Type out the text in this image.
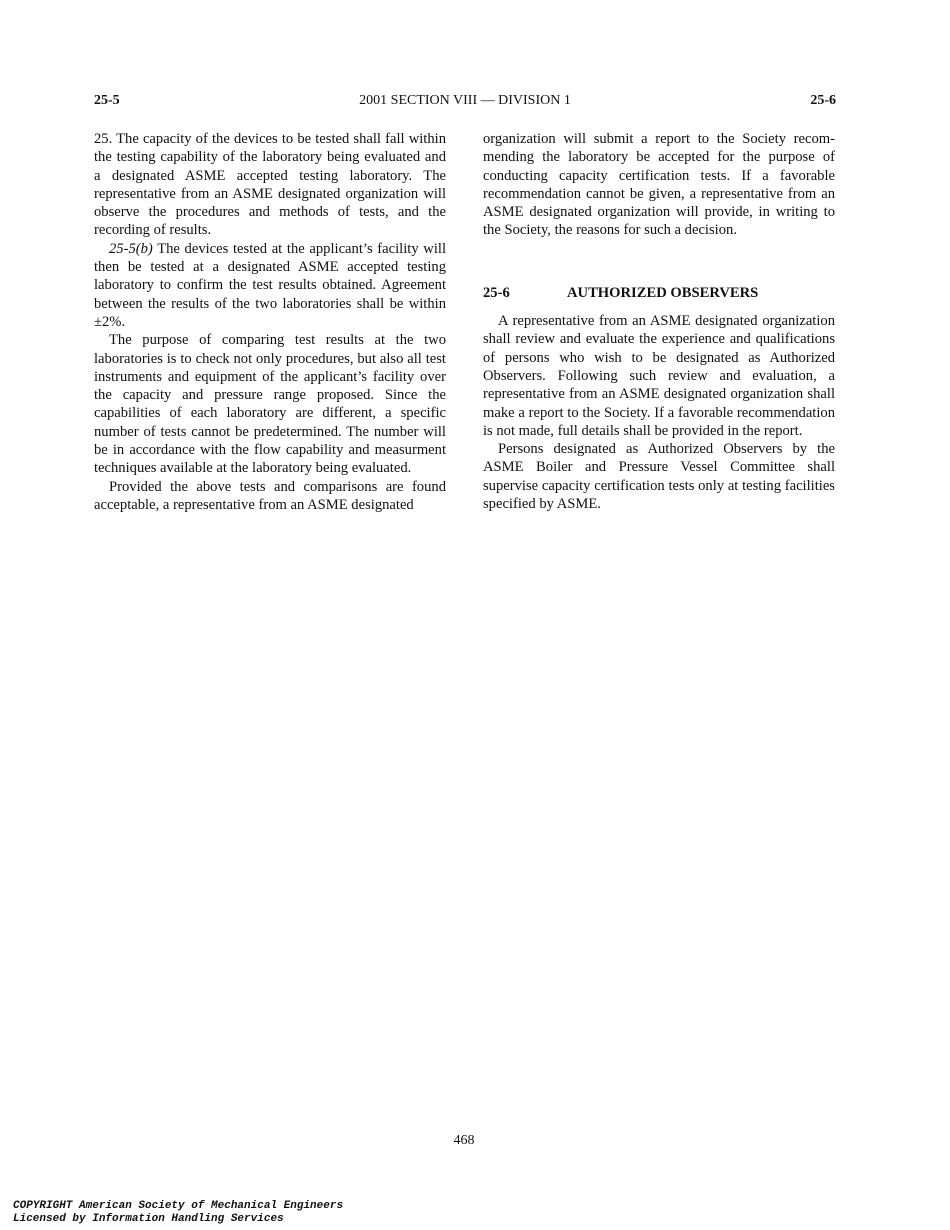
25-5	2001 SECTION VIII — DIVISION 1	25-6

25. The capacity of the devices to be tested shall fall within the testing capability of the laboratory being evaluated and a designated ASME accepted testing laboratory. The representative from an ASME designated organization will observe the procedures and methods of tests, and the recording of results.

25-5(b) The devices tested at the applicant’s facility will then be tested at a designated ASME accepted testing laboratory to confirm the test results obtained. Agreement between the results of the two laboratories shall be within ±2%.

The purpose of comparing test results at the two laboratories is to check not only procedures, but also all test instruments and equipment of the applicant’s facility over the capacity and pressure range proposed. Since the capabilities of each laboratory are different, a specific number of tests cannot be predetermined. The number will be in accordance with the flow capability and measurment techniques available at the laboratory being evaluated.

Provided the above tests and comparisons are found acceptable, a representative from an ASME designated

organization will submit a report to the Society recommending the laboratory be accepted for the purpose of conducting capacity certification tests. If a favorable recommendation cannot be given, a representative from an ASME designated organization will provide, in writing to the Society, the reasons for such a decision.

25-6	AUTHORIZED OBSERVERS

A representative from an ASME designated organization shall review and evaluate the experience and qualifications of persons who wish to be designated as Authorized Observers. Following such review and evaluation, a representative from an ASME designated organization shall make a report to the Society. If a favorable recommendation is not made, full details shall be provided in the report.

Persons designated as Authorized Observers by the ASME Boiler and Pressure Vessel Committee shall supervise capacity certification tests only at testing facilities specified by ASME.

468
COPYRIGHT American Society of Mechanical Engineers
Licensed by Information Handling Services
